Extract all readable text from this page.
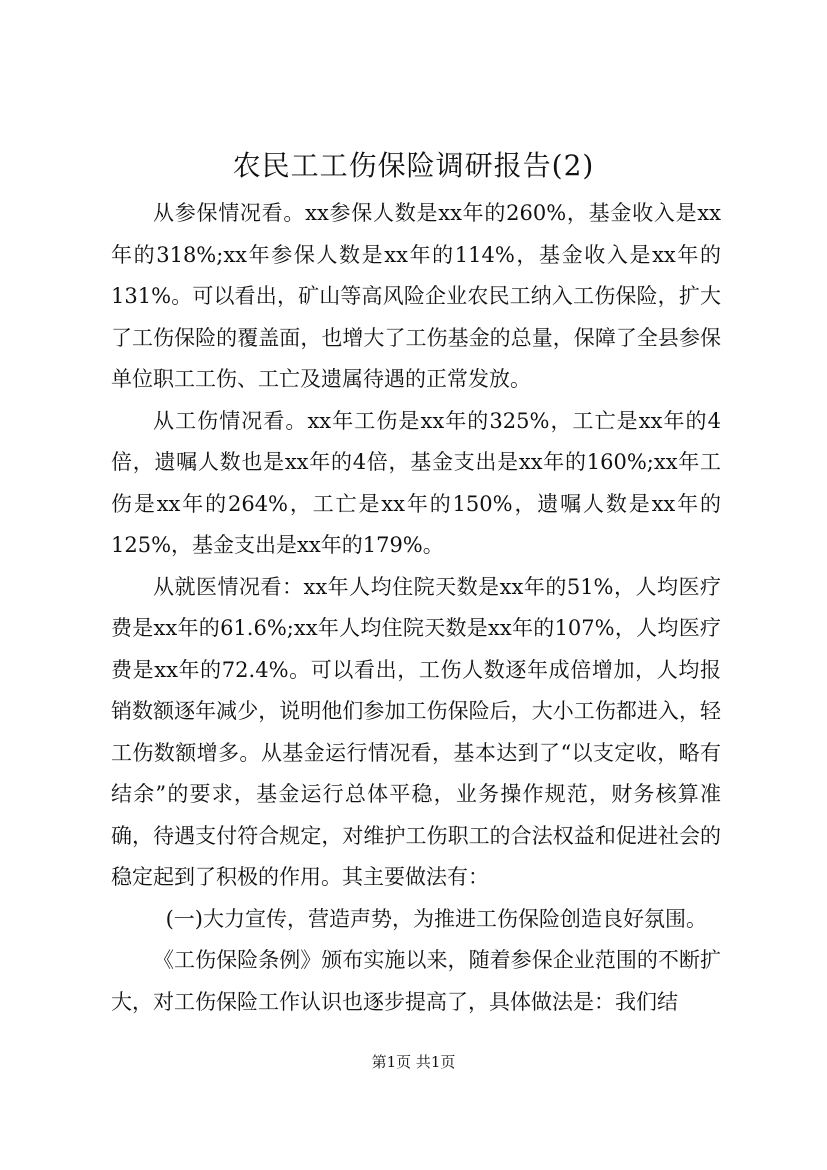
农民工工伤保险调研报告(2)

从参保情况看。xx参保人数是xx年的260%，基金收入是xx年的318%;xx年参保人数是xx年的114%，基金收入是xx年的131%。可以看出，矿山等高风险企业农民工纳入工伤保险，扩大了工伤保险的覆盖面，也增大了工伤基金的总量，保障了全县参保单位职工工伤、工亡及遗属待遇的正常发放。

从工伤情况看。xx年工伤是xx年的325%，工亡是xx年的4倍，遗嘱人数也是xx年的4倍，基金支出是xx年的160%;xx年工伤是xx年的264%，工亡是xx年的150%，遗嘱人数是xx年的125%，基金支出是xx年的179%。

从就医情况看：xx年人均住院天数是xx年的51%，人均医疗费是xx年的61.6%;xx年人均住院天数是xx年的107%，人均医疗费是xx年的72.4%。可以看出，工伤人数逐年成倍增加，人均报销数额逐年减少，说明他们参加工伤保险后，大小工伤都进入，轻工伤数额增多。从基金运行情况看，基本达到了“以支定收，略有结余”的要求，基金运行总体平稳，业务操作规范，财务核算准确，待遇支付符合规定，对维护工伤职工的合法权益和促进社会的稳定起到了积极的作用。其主要做法有：

(一)大力宣传，营造声势，为推进工伤保险创造良好氛围。

《工伤保险条例》颁布实施以来，随着参保企业范围的不断扩大，对工伤保险工作认识也逐步提高了，具体做法是：我们结

第1页 共1页
